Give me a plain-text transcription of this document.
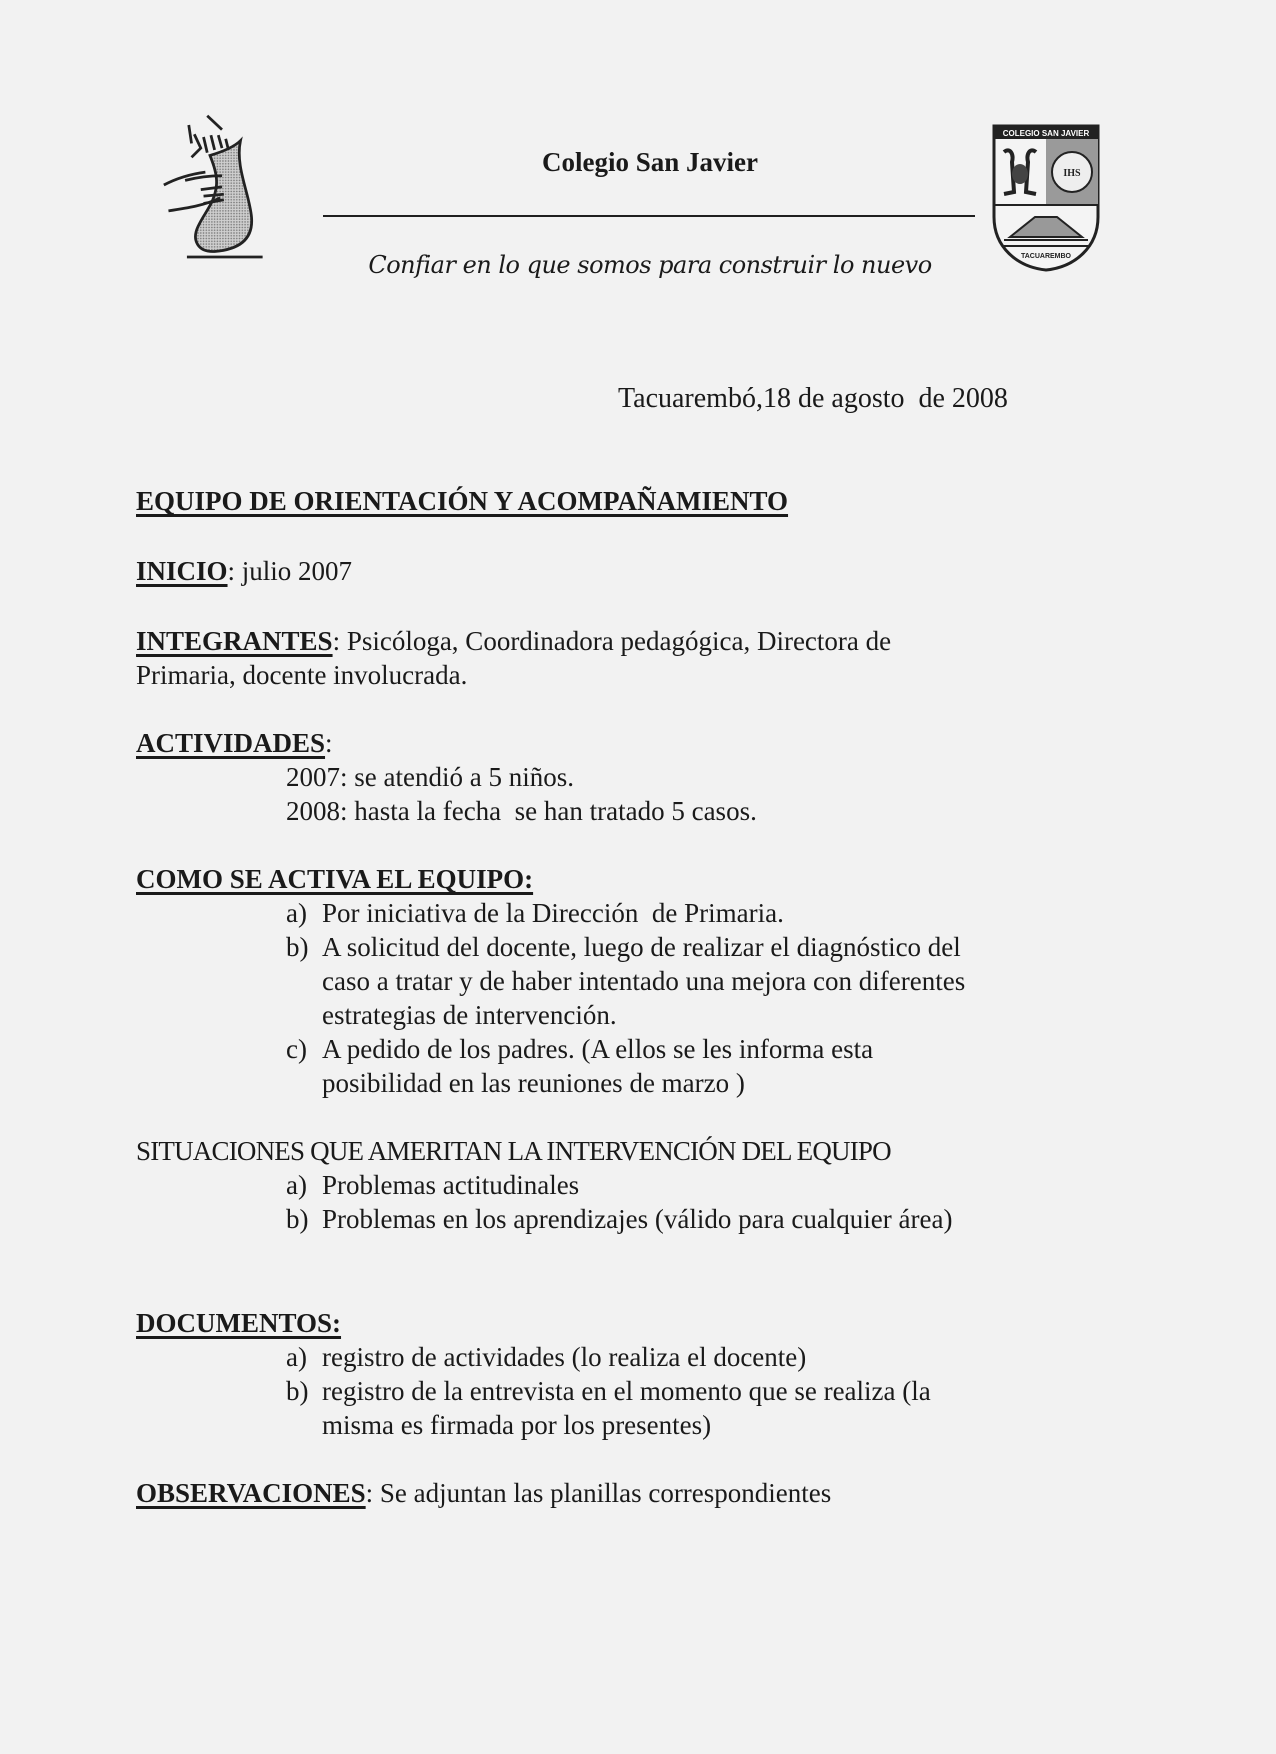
Colegio San Javier
Confiar en lo que somos para construir lo nuevo
COLEGIO SAN JAVIER
IHS
TACUAREMBO
Tacuarembó,18 de agosto  de 2008
EQUIPO DE ORIENTACIÓN Y ACOMPAÑAMIENTO
INICIO: julio 2007
INTEGRANTES: Psicóloga, Coordinadora pedagógica, Directora de
Primaria, docente involucrada.
ACTIVIDADES:
2007: se atendió a 5 niños.
2008: hasta la fecha  se han tratado 5 casos.
COMO SE ACTIVA EL EQUIPO:
a) Por iniciativa de la Dirección  de Primaria.
b) A solicitud del docente, luego de realizar el diagnóstico del
caso a tratar y de haber intentado una mejora con diferentes
estrategias de intervención.
c) A pedido de los padres. (A ellos se les informa esta
posibilidad en las reuniones de marzo )
SITUACIONES QUE AMERITAN LA INTERVENCIÓN DEL EQUIPO
a) Problemas actitudinales
b) Problemas en los aprendizajes (válido para cualquier área)
DOCUMENTOS:
a) registro de actividades (lo realiza el docente)
b) registro de la entrevista en el momento que se realiza (la
misma es firmada por los presentes)
OBSERVACIONES: Se adjuntan las planillas correspondientes
